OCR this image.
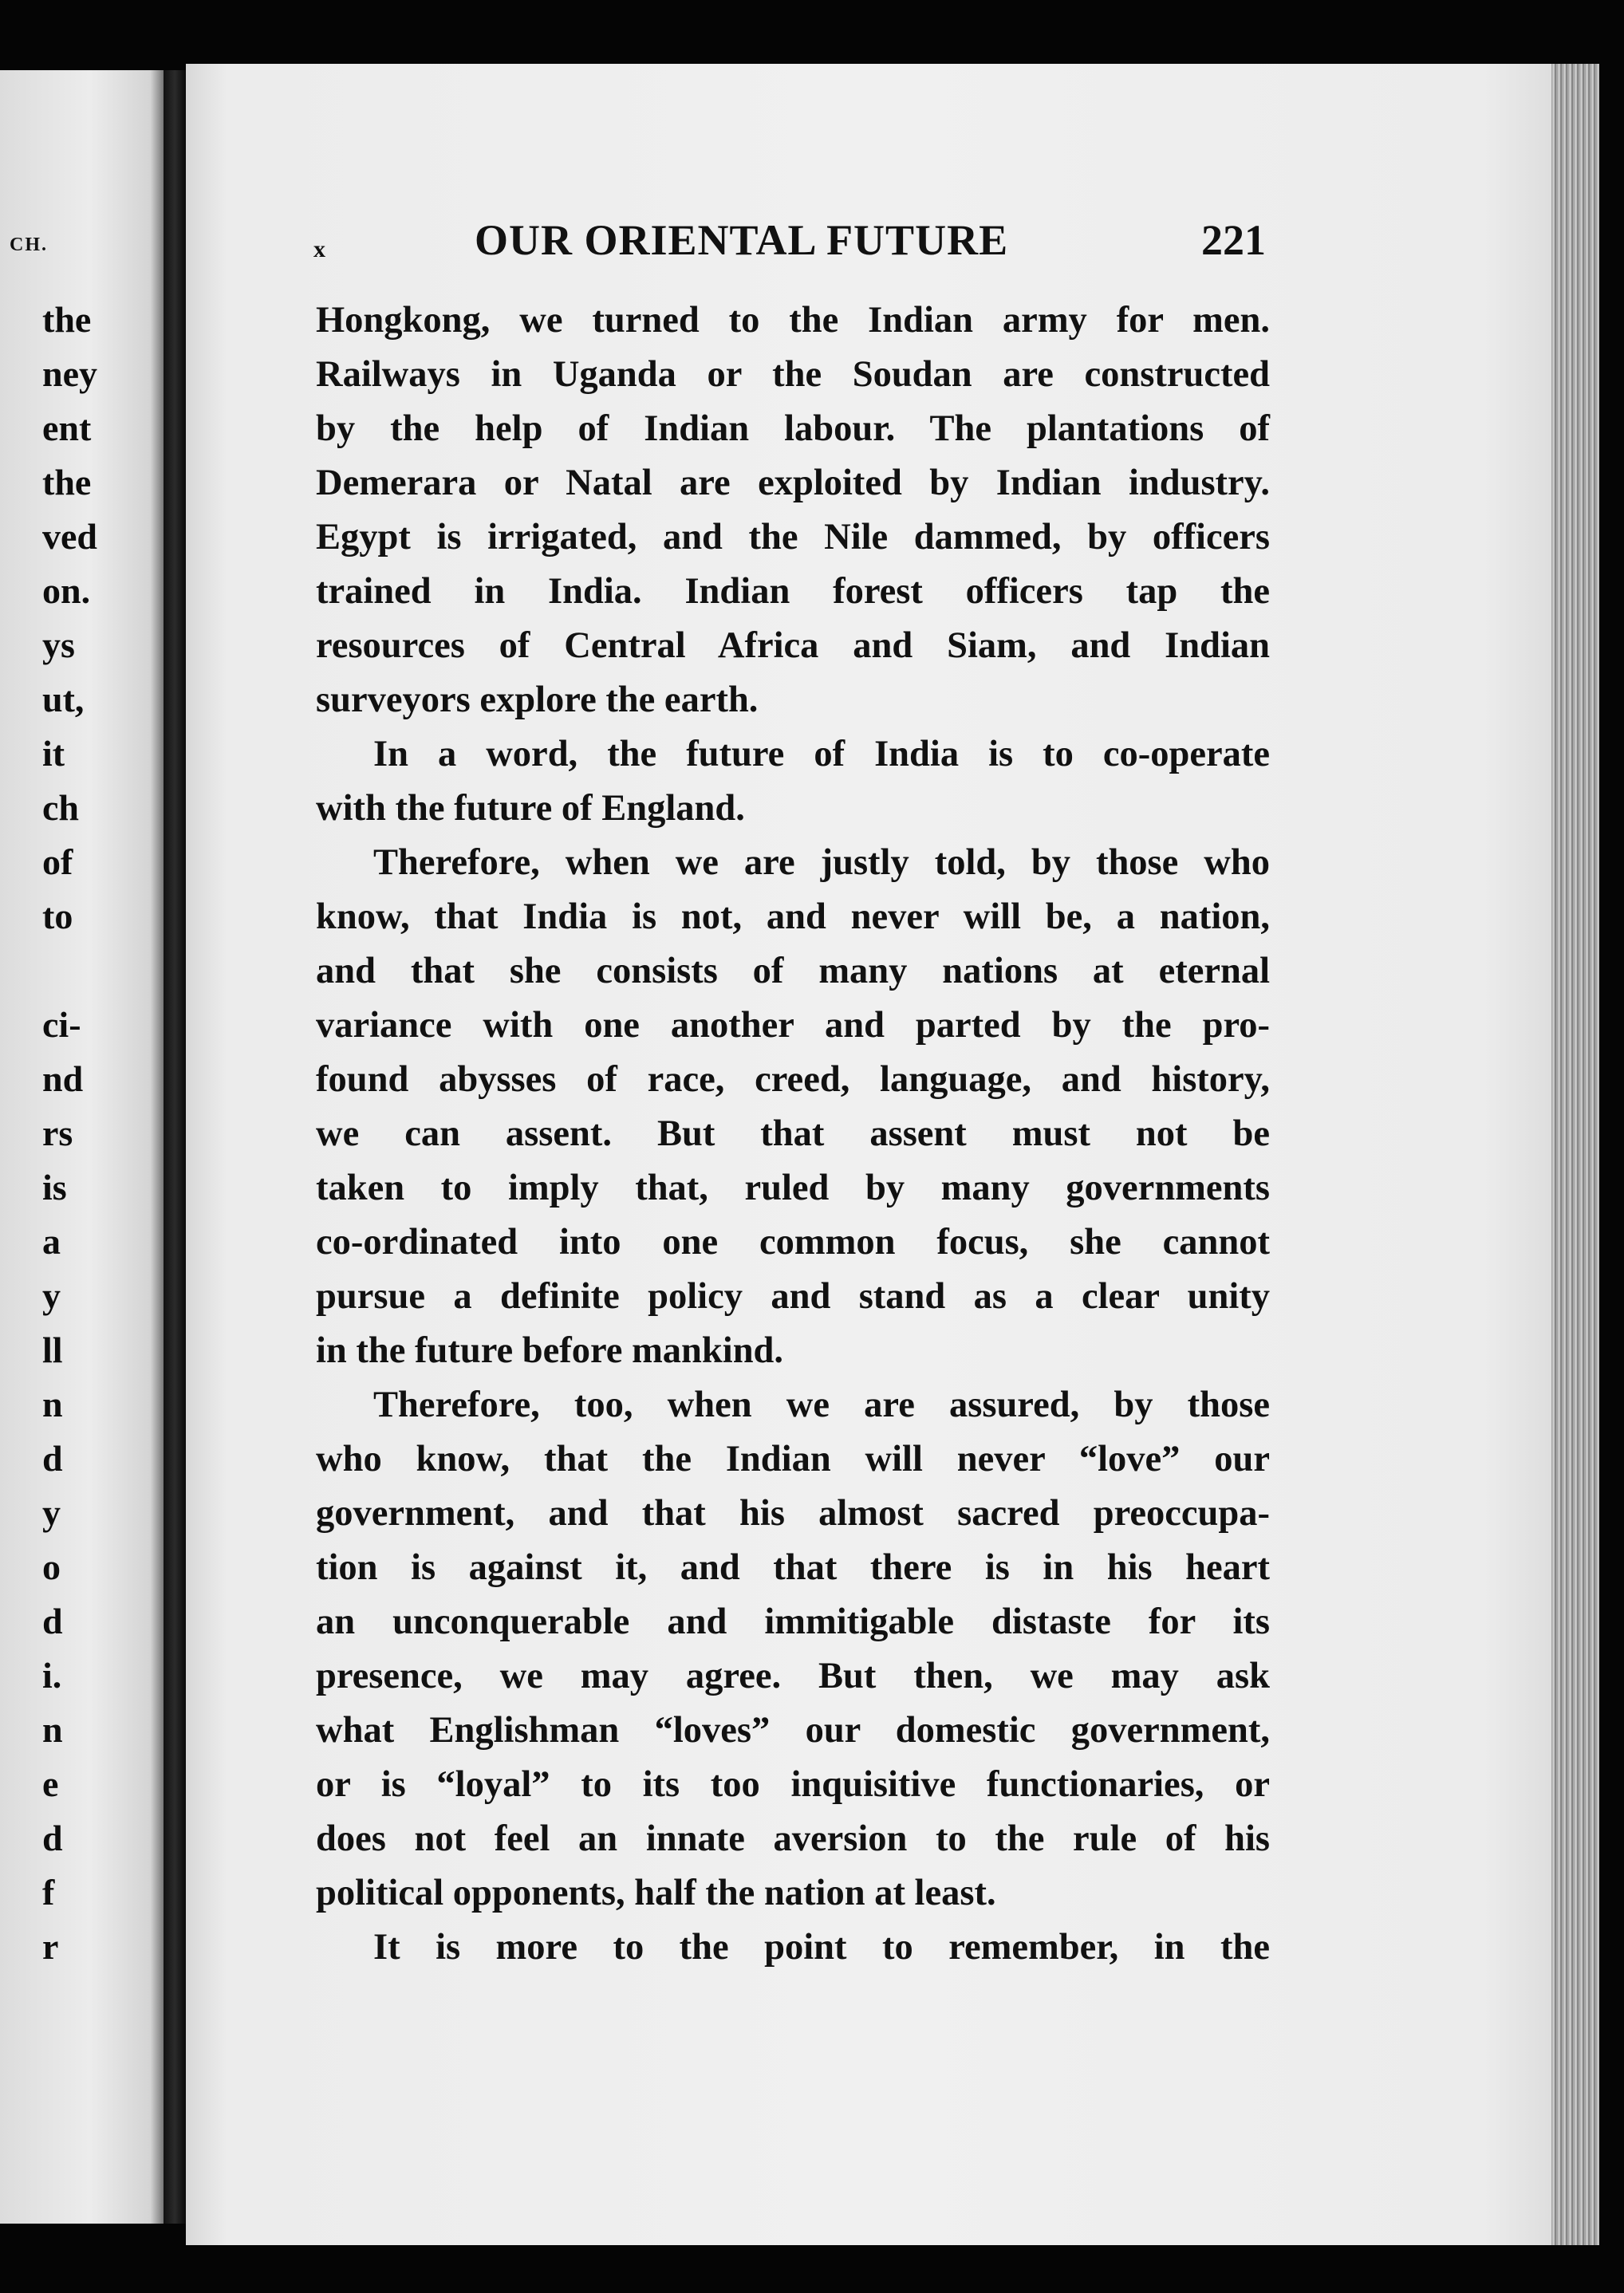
CH.
the
ney
ent
the
ved
on.
ys
ut,
it
ch
of
to
ci-
nd
rs
is
a
y
ll
n
d
y
o
d
i.
n
e
d
f
r
x	OUR ORIENTAL FUTURE	221
Hongkong, we turned to the Indian army for men.
Railways in Uganda or the Soudan are constructed
by the help of Indian labour. The plantations of
Demerara or Natal are exploited by Indian industry.
Egypt is irrigated, and the Nile dammed, by officers
trained in India. Indian forest officers tap the
resources of Central Africa and Siam, and Indian
surveyors explore the earth.
In a word, the future of India is to co-operate
with the future of England.
Therefore, when we are justly told, by those who
know, that India is not, and never will be, a nation,
and that she consists of many nations at eternal
variance with one another and parted by the pro-
found abysses of race, creed, language, and history,
we can assent. But that assent must not be
taken to imply that, ruled by many governments
co-ordinated into one common focus, she cannot
pursue a definite policy and stand as a clear unity
in the future before mankind.
Therefore, too, when we are assured, by those
who know, that the Indian will never “love” our
government, and that his almost sacred preoccupa-
tion is against it, and that there is in his heart
an unconquerable and immitigable distaste for its
presence, we may agree. But then, we may ask
what Englishman “loves” our domestic government,
or is “loyal” to its too inquisitive functionaries, or
does not feel an innate aversion to the rule of his
political opponents, half the nation at least.
It is more to the point to remember, in the
